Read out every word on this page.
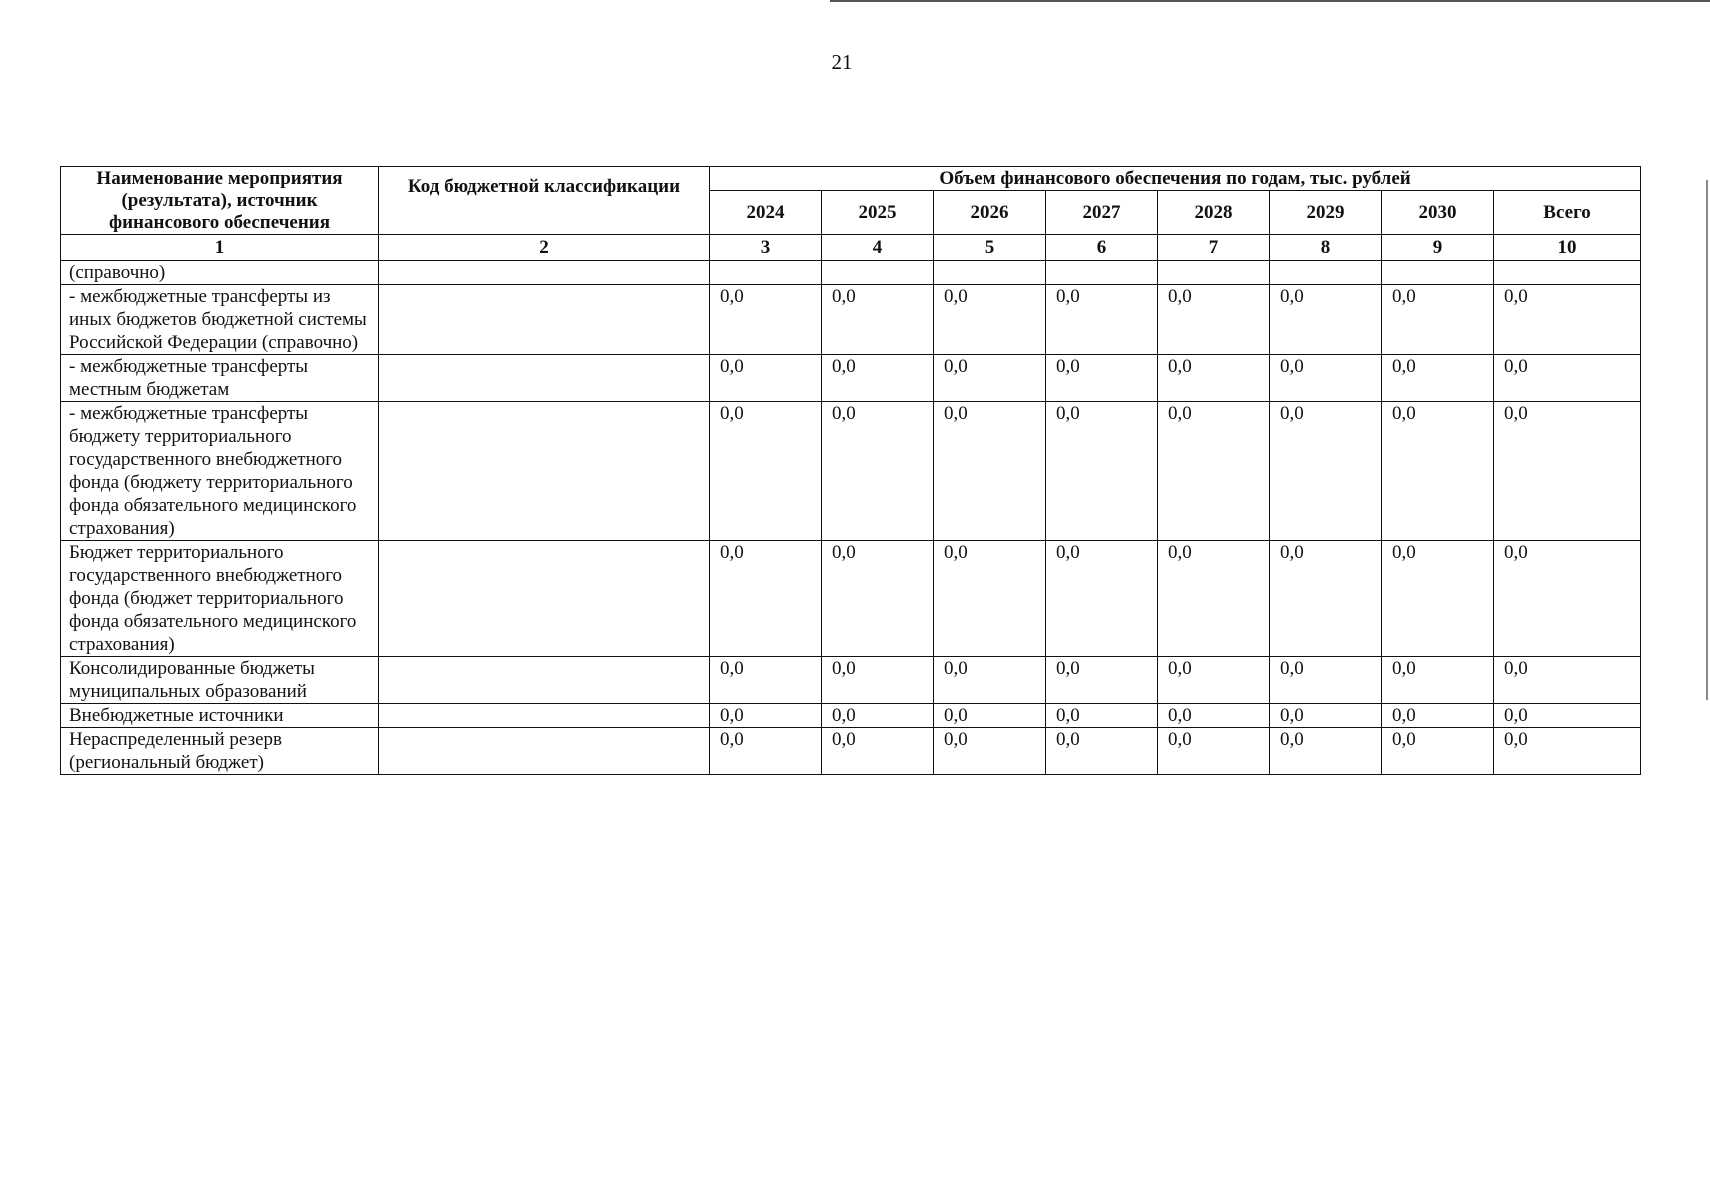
21
Наименование мероприятия (результата), источник финансового обеспечения	Код бюджетной классификации	Объем финансового обеспечения по годам, тыс. рублей							
		2024	2025	2026	2027	2028	2029	2030	Всего
1	2	3	4	5	6	7	8	9	10
(справочно)									
- межбюджетные трансферты из иных бюджетов бюджетной системы Российской Федерации (справочно)		0,0	0,0	0,0	0,0	0,0	0,0	0,0	0,0
- межбюджетные трансферты местным бюджетам		0,0	0,0	0,0	0,0	0,0	0,0	0,0	0,0
- межбюджетные трансферты бюджету территориального государственного внебюджетного фонда (бюджету территориального фонда обязательного медицинского страхования)		0,0	0,0	0,0	0,0	0,0	0,0	0,0	0,0
Бюджет территориального государственного внебюджетного фонда (бюджет территориального фонда обязательного медицинского страхования)		0,0	0,0	0,0	0,0	0,0	0,0	0,0	0,0
Консолидированные бюджеты муниципальных образований		0,0	0,0	0,0	0,0	0,0	0,0	0,0	0,0
Внебюджетные источники		0,0	0,0	0,0	0,0	0,0	0,0	0,0	0,0
Нераспределенный резерв (региональный бюджет)		0,0	0,0	0,0	0,0	0,0	0,0	0,0	0,0
